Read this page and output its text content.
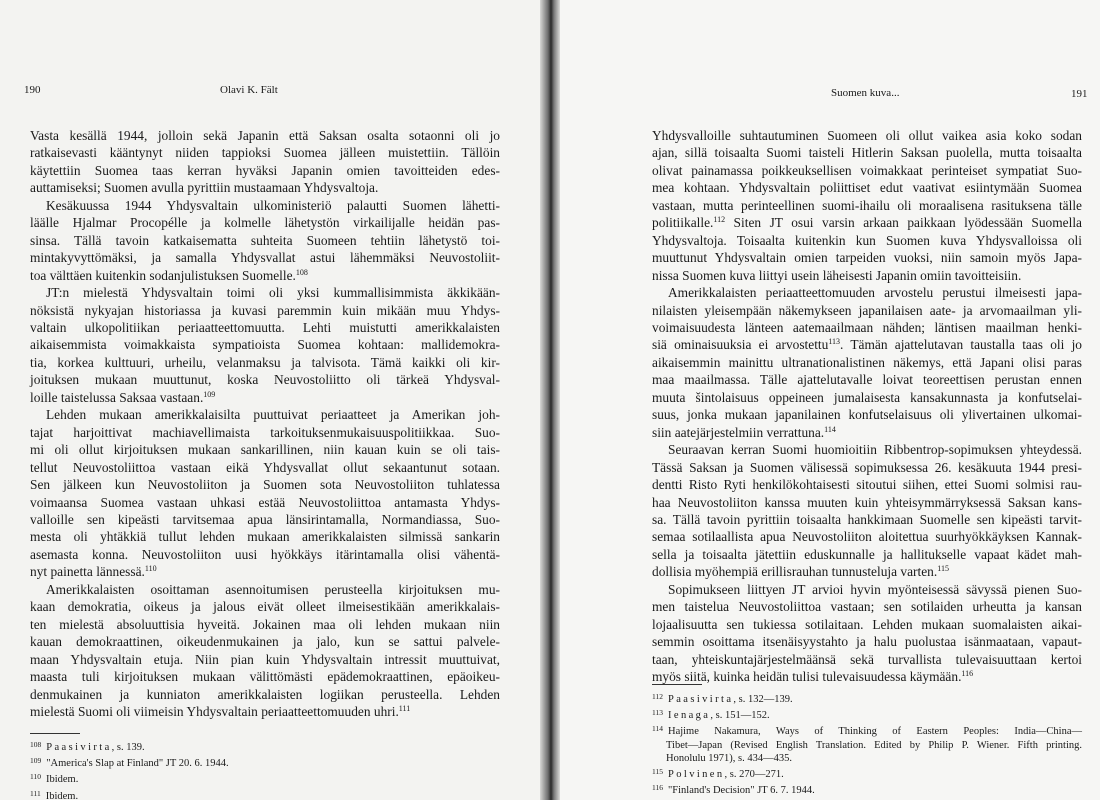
190	Olavi K. Fält
Vasta kesällä 1944, jolloin sekä Japanin että Saksan osalta sotaonni oli jo
ratkaisevasti kääntynyt niiden tappioksi Suomea jälleen muistettiin. Tällöin
käytettiin Suomea taas kerran hyväksi Japanin omien tavoitteiden edes-
auttamiseksi; Suomen avulla pyrittiin mustaamaan Yhdysvaltoja.
Kesäkuussa 1944 Yhdysvaltain ulkoministeriö palautti Suomen lähetti-
läälle Hjalmar Procopélle ja kolmelle lähetystön virkailijalle heidän pas-
sinsa. Tällä tavoin katkaisematta suhteita Suomeen tehtiin lähetystö toi-
mintakyvyttömäksi, ja samalla Yhdysvallat astui lähemmäksi Neuvostoliit-
toa välttäen kuitenkin sodanjulistuksen Suomelle.$^{108}$
JT:n mielestä Yhdysvaltain toimi oli yksi kummallisimmista äkkikään-
nöksistä nykyajan historiassa ja kuvasi paremmin kuin mikään muu Yhdys-
valtain ulkopolitiikan periaatteettomuutta. Lehti muistutti amerikkalaisten
aikaisemmista voimakkaista sympatioista Suomea kohtaan: mallidemokra-
tia, korkea kulttuuri, urheilu, velanmaksu ja talvisota. Tämä kaikki oli kir-
joituksen mukaan muuttunut, koska Neuvostoliitto oli tärkeä Yhdysval-
loille taistelussa Saksaa vastaan.$^{109}$
Lehden mukaan amerikkalaisilta puuttuivat periaatteet ja Amerikan joh-
tajat harjoittivat machiavellimaista tarkoituksenmukaisuuspolitiikkaa. Suo-
mi oli ollut kirjoituksen mukaan sankarillinen, niin kauan kuin se oli tais-
tellut Neuvostoliittoa vastaan eikä Yhdysvallat ollut sekaantunut sotaan.
Sen jälkeen kun Neuvostoliiton ja Suomen sota Neuvostoliiton tuhlatessa
voimaansa Suomea vastaan uhkasi estää Neuvostoliittoa antamasta Yhdys-
valloille sen kipeästi tarvitsemaa apua länsirintamalla, Normandiassa, Suo-
mesta oli yhtäkkiä tullut lehden mukaan amerikkalaisten silmissä sankarin
asemasta konna. Neuvostoliiton uusi hyökkäys itärintamalla olisi vähentä-
nyt painetta lännessä.$^{110}$
Amerikkalaisten osoittaman asennoitumisen perusteella kirjoituksen mu-
kaan demokratia, oikeus ja jalous eivät olleet ilmeisestikään amerikkalais-
ten mielestä absoluuttisia hyveitä. Jokainen maa oli lehden mukaan niin
kauan demokraattinen, oikeudenmukainen ja jalo, kun se sattui palvele-
maan Yhdysvaltain etuja. Niin pian kuin Yhdysvaltain intressit muuttuivat,
maasta tuli kirjoituksen mukaan välittömästi epädemokraattinen, epäoikeu-
denmukainen ja kunniaton amerikkalaisten logiikan perusteella. Lehden
mielestä Suomi oli viimeisin Yhdysvaltain periaatteettomuuden uhri.$^{111}$
$^{108}$ Paasivirta, s. 139.
$^{109}$ "America's Slap at Finland" JT 20. 6. 1944.
$^{110}$ Ibidem.
$^{111}$ Ibidem.
Suomen kuva...	191
Yhdysvalloille suhtautuminen Suomeen oli ollut vaikea asia koko sodan
ajan, sillä toisaalta Suomi taisteli Hitlerin Saksan puolella, mutta toisaalta
olivat painamassa poikkeuksellisen voimakkaat perinteiset sympatiat Suo-
mea kohtaan. Yhdysvaltain poliittiset edut vaativat esiintymään Suomea
vastaan, mutta perinteellinen suomi-ihailu oli moraalisena rasituksena tälle
politiikalle.$^{112}$ Siten JT osui varsin arkaan paikkaan lyödessään Suomella
Yhdysvaltoja. Toisaalta kuitenkin kun Suomen kuva Yhdysvalloissa oli
muuttunut Yhdysvaltain omien tarpeiden vuoksi, niin samoin myös Japa-
nissa Suomen kuva liittyi usein läheisesti Japanin omiin tavoitteisiin.
Amerikkalaisten periaatteettomuuden arvostelu perustui ilmeisesti japa-
nilaisten yleisempään näkemykseen japanilaisen aate- ja arvomaailman yli-
voimaisuudesta länteen aatemaailmaan nähden; läntisen maailman henki-
siä ominaisuuksia ei arvostettu$^{113}$. Tämän ajattelutavan taustalla taas oli jo
aikaisemmin mainittu ultranationalistinen näkemys, että Japani olisi paras
maa maailmassa. Tälle ajattelutavalle loivat teoreettisen perustan ennen
muuta šintolaisuus oppeineen jumalaisesta kansakunnasta ja konfutselai-
suus, jonka mukaan japanilainen konfutselaisuus oli ylivertainen ulkomai-
siin aatejärjestelmiin verrattuna.$^{114}$
Seuraavan kerran Suomi huomioitiin Ribbentrop-sopimuksen yhteydessä.
Tässä Saksan ja Suomen välisessä sopimuksessa 26. kesäkuuta 1944 presi-
dentti Risto Ryti henkilökohtaisesti sitoutui siihen, ettei Suomi solmisi rau-
haa Neuvostoliiton kanssa muuten kuin yhteisymmärryksessä Saksan kans-
sa. Tällä tavoin pyrittiin toisaalta hankkimaan Suomelle sen kipeästi tarvit-
semaa sotilaallista apua Neuvostoliiton aloitettua suurhyökkäyksen Kannak-
sella ja toisaalta jätettiin eduskunnalle ja hallitukselle vapaat kädet mah-
dollisia myöhempiä erillisrauhan tunnusteluja varten.$^{115}$
Sopimukseen liittyen JT arvioi hyvin myönteisessä sävyssä pienen Suo-
men taistelua Neuvostoliittoa vastaan; sen sotilaiden urheutta ja kansan
lojaalisuutta sen tukiessa sotilaitaan. Lehden mukaan suomalaisten aikai-
semmin osoittama itsenäisyystahto ja halu puolustaa isänmaataan, vapaut-
taan, yhteiskuntajärjestelmäänsä sekä turvallista tulevaisuuttaan kertoi
myös siitä, kuinka heidän tulisi tulevaisuudessa käymään.$^{116}$
$^{112}$ Paasivirta, s. 132—139.
$^{113}$ Ienaga, s. 151—152.
$^{114}$ Hajime Nakamura, Ways of Thinking of Eastern Peoples: India—China—
Tibet—Japan (Revised English Translation. Edited by Philip P. Wiener. Fifth printing.
Honolulu 1971), s. 434—435.
$^{115}$ Polvinen, s. 270—271.
$^{116}$ "Finland's Decision" JT 6. 7. 1944.
